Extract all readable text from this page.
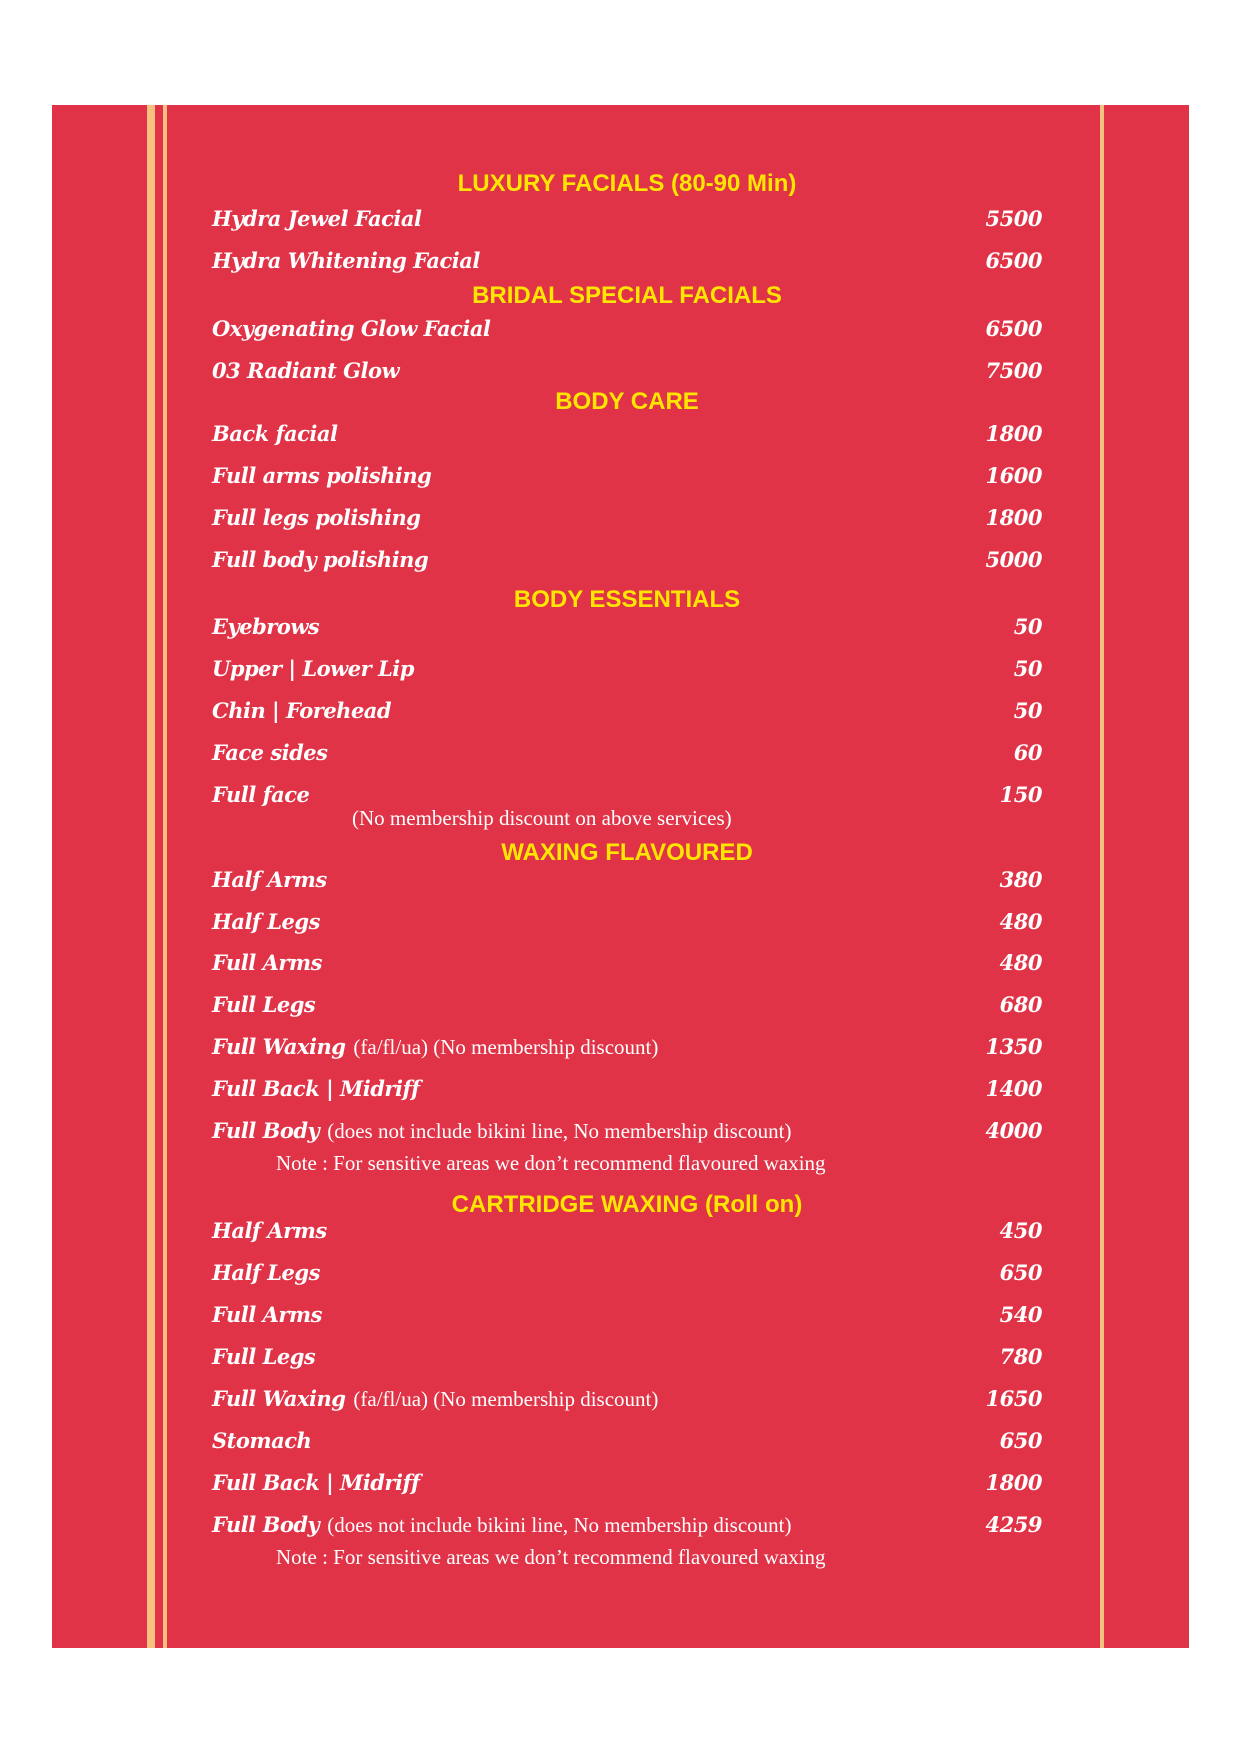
LUXURY FACIALS (80-90 Min)
Hydra Jewel Facial	5500
Hydra Whitening Facial	6500
BRIDAL SPECIAL FACIALS
Oxygenating Glow Facial	6500
03 Radiant Glow	7500
BODY CARE
Back facial	1800
Full arms polishing	1600
Full legs polishing	1800
Full body polishing	5000
BODY ESSENTIALS
Eyebrows	50
Upper | Lower Lip	50
Chin | Forehead	50
Face sides	60
Full face	150
(No membership discount on above services)
WAXING FLAVOURED
Half Arms	380
Half Legs	480
Full Arms	480
Full Legs	680
Full Waxing (fa/fl/ua) (No membership discount)	1350
Full Back | Midriff	1400
Full Body (does not include bikini line, No membership discount)	4000
Note : For sensitive areas we don’t recommend flavoured waxing
CARTRIDGE WAXING (Roll on)
Half Arms	450
Half Legs	650
Full Arms	540
Full Legs	780
Full Waxing (fa/fl/ua) (No membership discount)	1650
Stomach	650
Full Back | Midriff	1800
Full Body (does not include bikini line, No membership discount)	4259
Note : For sensitive areas we don’t recommend flavoured waxing
